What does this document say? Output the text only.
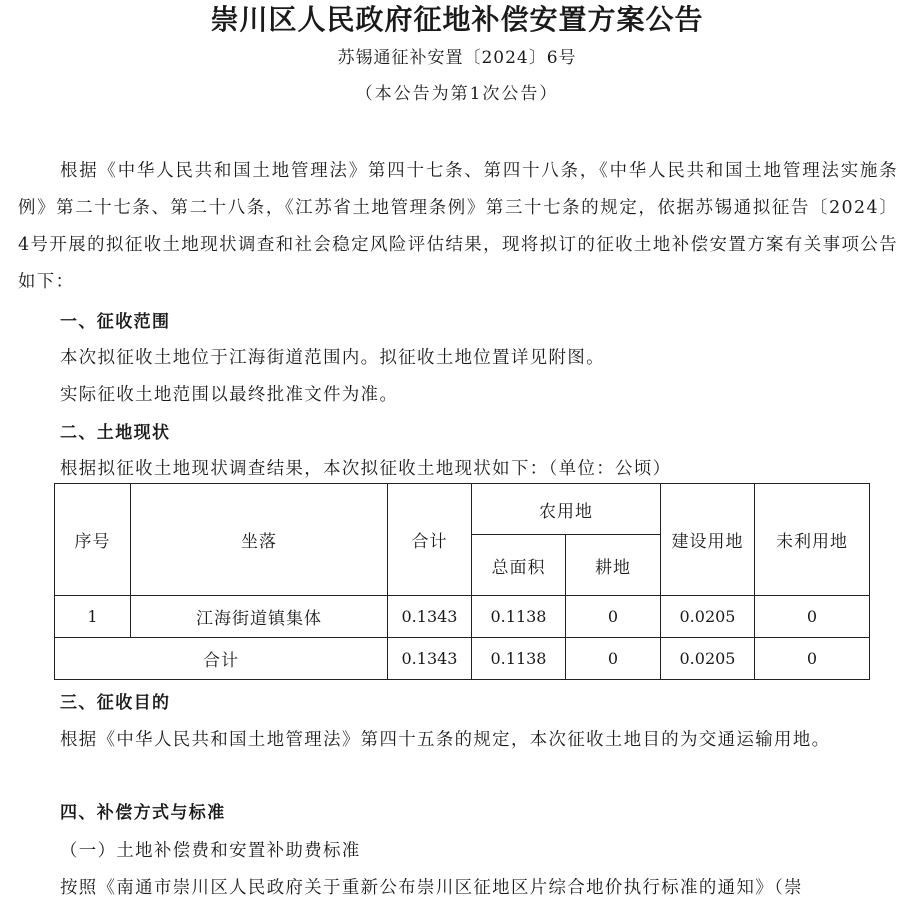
崇川区人民政府征地补偿安置方案公告
苏锡通征补安置〔2024〕6号
（本公告为第1次公告）
根据《中华人民共和国土地管理法》第四十七条、第四十八条，《中华人民共和国土地管理法实施条例》第二十七条、第二十八条，《江苏省土地管理条例》第三十七条的规定，依据苏锡通拟征告〔2024〕4号开展的拟征收土地现状调查和社会稳定风险评估结果，现将拟订的征收土地补偿安置方案有关事项公告如下：
一、征收范围
本次拟征收土地位于江海街道范围内。拟征收土地位置详见附图。
实际征收土地范围以最终批准文件为准。
二、土地现状
根据拟征收土地现状调查结果，本次拟征收土地现状如下：（单位：公顷）
序号	坐落	合计	农用地		建设用地	未利用地
			总面积	耕地		
1	江海街道镇集体	0.1343	0.1138	0	0.0205	0
合计		0.1343	0.1138	0	0.0205	0
三、征收目的
根据《中华人民共和国土地管理法》第四十五条的规定，本次征收土地目的为交通运输用地。
四、补偿方式与标准
（一）土地补偿费和安置补助费标准
按照《南通市崇川区人民政府关于重新公布崇川区征地区片综合地价执行标准的通知》（崇
